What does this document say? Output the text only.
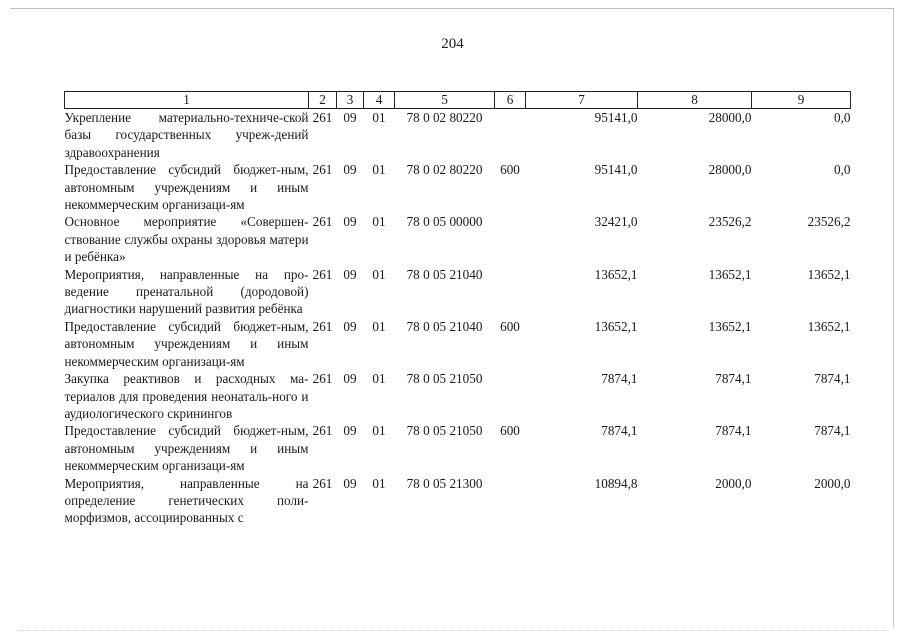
204
1	2	3	4	5	6	7	8	9
Укрепление материально-техниче-ской базы государственных учреж-дений здравоохранения	261	09	01	78 0 02 80220		95141,0	28000,0	0,0
Предоставление субсидий бюджет-ным, автономным учреждениям и иным некоммерческим организаци-ям	261	09	01	78 0 02 80220	600	95141,0	28000,0	0,0
Основное мероприятие «Совершен-ствование службы охраны здоровья матери и ребёнка»	261	09	01	78 0 05 00000		32421,0	23526,2	23526,2
Мероприятия, направленные на про-ведение пренатальной (дородовой) диагностики нарушений развития ребёнка	261	09	01	78 0 05 21040		13652,1	13652,1	13652,1
Предоставление субсидий бюджет-ным, автономным учреждениям и иным некоммерческим организаци-ям	261	09	01	78 0 05 21040	600	13652,1	13652,1	13652,1
Закупка реактивов и расходных ма-териалов для проведения неонаталь-ного и аудиологического скринингов	261	09	01	78 0 05 21050		7874,1	7874,1	7874,1
Предоставление субсидий бюджет-ным, автономным учреждениям и иным некоммерческим организаци-ям	261	09	01	78 0 05 21050	600	7874,1	7874,1	7874,1
Мероприятия, направленные на определение генетических поли-морфизмов, ассоциированных с	261	09	01	78 0 05 21300		10894,8	2000,0	2000,0
